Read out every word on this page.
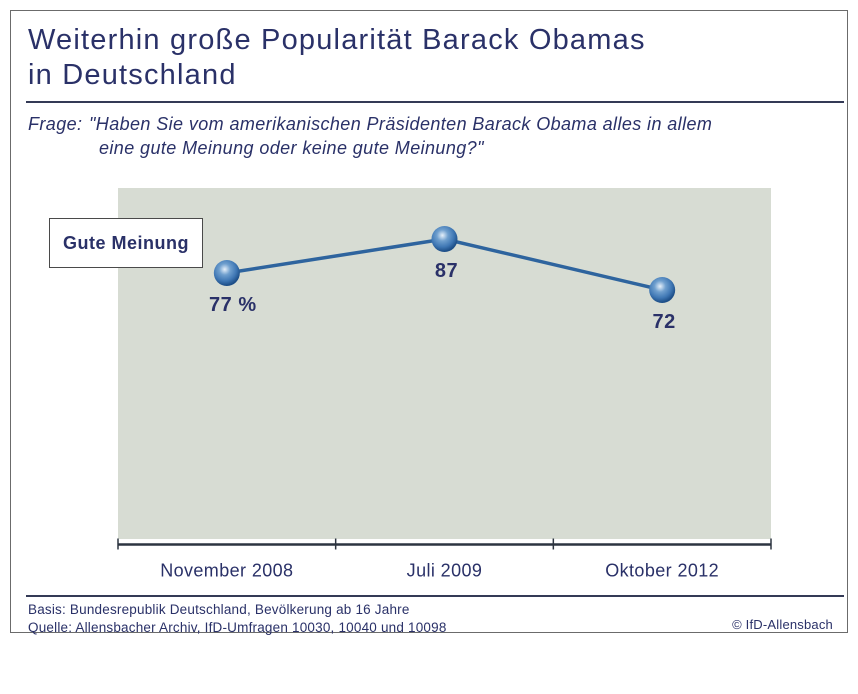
Weiterhin große Popularität Barack Obamas
in Deutschland
Frage: "Haben Sie vom amerikanischen Präsidenten Barack Obama alles in allem
eine gute Meinung oder keine gute Meinung?"
77 %
87
72
November 2008	Juli 2009	Oktober 2012
Gute Meinung
Basis: Bundesrepublik Deutschland, Bevölkerung ab 16 Jahre
Quelle: Allensbacher Archiv, IfD-Umfragen 10030, 10040 und 10098	© IfD-Allensbach
